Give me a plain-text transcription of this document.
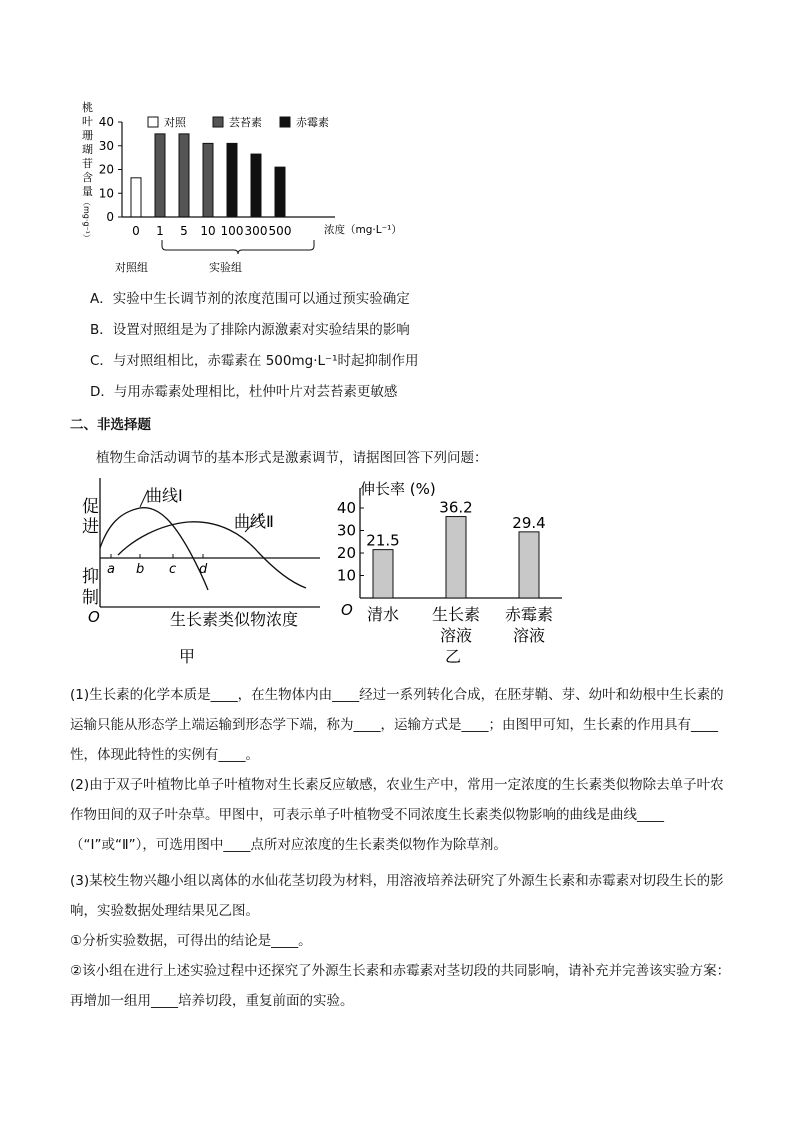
桃
叶
珊
瑚
苷
含
量
（mg·g⁻¹） 0
10
20
30
40
0 1 5 10 100 300 500
对照	芸苔素	赤霉素
浓度（mg·L⁻¹）
对照组	实验组
A．实验中生长调节剂的浓度范围可以通过预实验确定
B．设置对照组是为了排除内源激素对实验结果的影响
C．与对照组相比，赤霉素在 500mg·L⁻¹时起抑制作用
D．与用赤霉素处理相比，杜仲叶片对芸苔素更敏感
二、非选择题
植物生命活动调节的基本形式是激素调节，请据图回答下列问题：
促
进
抑
制
O
曲线Ⅰ
曲线Ⅱ
a b c d
生长素类似物浓度
甲
伸长率 (%)
10
20
30
40
O
21.5
36.2
29.4
清水 生长素
溶液
赤霉素
溶液
乙
(1)生长素的化学本质是____，在生物体内由____经过一系列转化合成，在胚芽鞘、芽、幼叶和幼根中生长素的运输只能从形态学上端运输到形态学下端，称为____，运输方式是____；由图甲可知，生长素的作用具有____性，体现此特性的实例有____。
(2)由于双子叶植物比单子叶植物对生长素反应敏感，农业生产中，常用一定浓度的生长素类似物除去单子叶农作物田间的双子叶杂草。甲图中，可表示单子叶植物受不同浓度生长素类似物影响的曲线是曲线____（“Ⅰ”或“Ⅱ”），可选用图中____点所对应浓度的生长素类似物作为除草剂。
(3)某校生物兴趣小组以离体的水仙花茎切段为材料，用溶液培养法研究了外源生长素和赤霉素对切段生长的影响，实验数据处理结果见乙图。
①分析实验数据，可得出的结论是____。
②该小组在进行上述实验过程中还探究了外源生长素和赤霉素对茎切段的共同影响，请补充并完善该实验方案：再增加一组用____培养切段，重复前面的实验。
